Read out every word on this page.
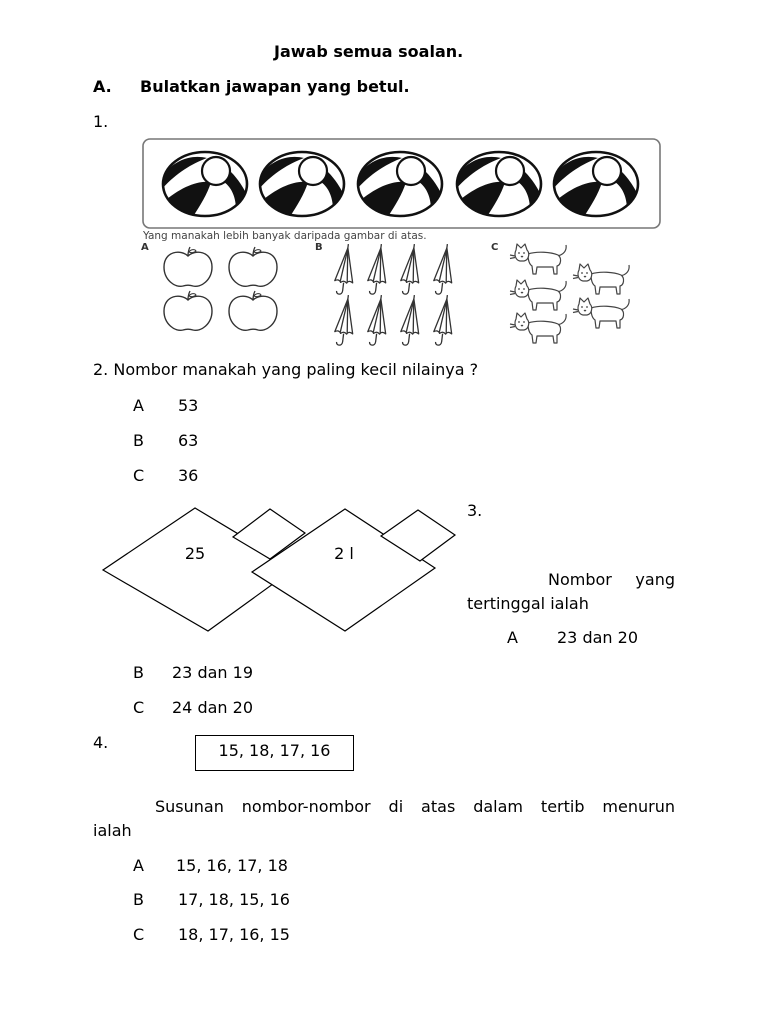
Jawab semua soalan.
A. Bulatkan jawapan yang betul.
1.
Yang manakah lebih banyak daripada gambar di atas.
A	B	C
2. Nombor manakah yang paling kecil nilainya ?
A 53
B 63
C 36
25	2 l
3.
Nombor yang
tertinggal ialah
A 23 dan 20
B 23 dan 19
C 24 dan 20
4.	15, 18, 17, 16
Susunan nombor-nombor di atas dalam tertib menurun
ialah
A 15, 16, 17, 18
B 17, 18, 15, 16
C 18, 17, 16, 15
